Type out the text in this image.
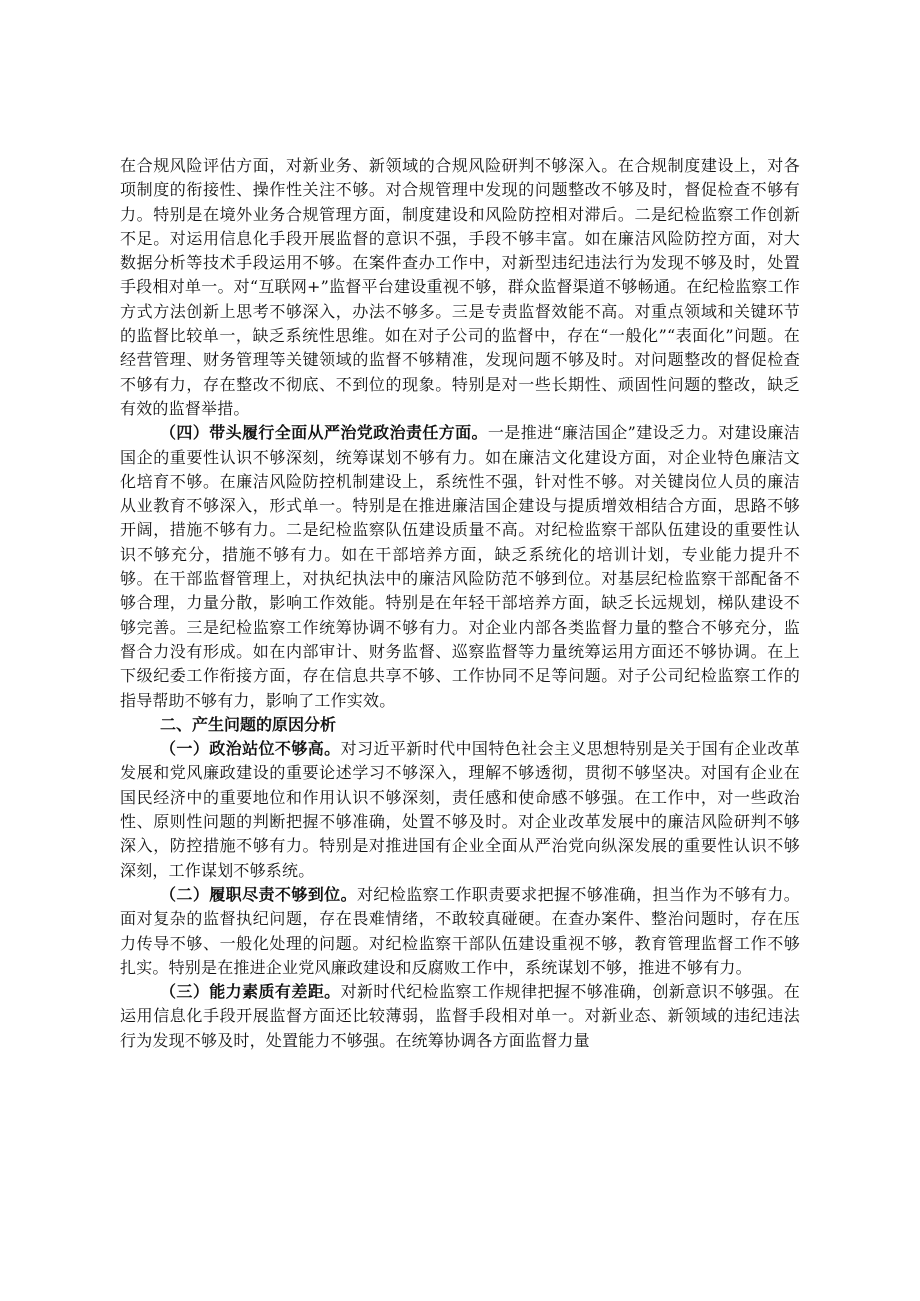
在合规风险评估方面，对新业务、新领域的合规风险研判不够深入。在合规制度建设上，对各项制度的衔接性、操作性关注不够。对合规管理中发现的问题整改不够及时，督促检查不够有力。特别是在境外业务合规管理方面，制度建设和风险防控相对滞后。二是纪检监察工作创新不足。对运用信息化手段开展监督的意识不强，手段不够丰富。如在廉洁风险防控方面，对大数据分析等技术手段运用不够。在案件查办工作中，对新型违纪违法行为发现不够及时，处置手段相对单一。对“互联网+”监督平台建设重视不够，群众监督渠道不够畅通。在纪检监察工作方式方法创新上思考不够深入，办法不够多。三是专责监督效能不高。对重点领域和关键环节的监督比较单一，缺乏系统性思维。如在对子公司的监督中，存在“一般化”“表面化”问题。在经营管理、财务管理等关键领域的监督不够精准，发现问题不够及时。对问题整改的督促检查不够有力，存在整改不彻底、不到位的现象。特别是对一些长期性、顽固性问题的整改，缺乏有效的监督举措。

（四）带头履行全面从严治党政治责任方面。一是推进“廉洁国企”建设乏力。对建设廉洁国企的重要性认识不够深刻，统筹谋划不够有力。如在廉洁文化建设方面，对企业特色廉洁文化培育不够。在廉洁风险防控机制建设上，系统性不强，针对性不够。对关键岗位人员的廉洁从业教育不够深入，形式单一。特别是在推进廉洁国企建设与提质增效相结合方面，思路不够开阔，措施不够有力。二是纪检监察队伍建设质量不高。对纪检监察干部队伍建设的重要性认识不够充分，措施不够有力。如在干部培养方面，缺乏系统化的培训计划，专业能力提升不够。在干部监督管理上，对执纪执法中的廉洁风险防范不够到位。对基层纪检监察干部配备不够合理，力量分散，影响工作效能。特别是在年轻干部培养方面，缺乏长远规划，梯队建设不够完善。三是纪检监察工作统筹协调不够有力。对企业内部各类监督力量的整合不够充分，监督合力没有形成。如在内部审计、财务监督、巡察监督等力量统筹运用方面还不够协调。在上下级纪委工作衔接方面，存在信息共享不够、工作协同不足等问题。对子公司纪检监察工作的指导帮助不够有力，影响了工作实效。

二、产生问题的原因分析

（一）政治站位不够高。对习近平新时代中国特色社会主义思想特别是关于国有企业改革发展和党风廉政建设的重要论述学习不够深入，理解不够透彻，贯彻不够坚决。对国有企业在国民经济中的重要地位和作用认识不够深刻，责任感和使命感不够强。在工作中，对一些政治性、原则性问题的判断把握不够准确，处置不够及时。对企业改革发展中的廉洁风险研判不够深入，防控措施不够有力。特别是对推进国有企业全面从严治党向纵深发展的重要性认识不够深刻，工作谋划不够系统。

（二）履职尽责不够到位。对纪检监察工作职责要求把握不够准确，担当作为不够有力。面对复杂的监督执纪问题，存在畏难情绪，不敢较真碰硬。在查办案件、整治问题时，存在压力传导不够、一般化处理的问题。对纪检监察干部队伍建设重视不够，教育管理监督工作不够扎实。特别是在推进企业党风廉政建设和反腐败工作中，系统谋划不够，推进不够有力。

（三）能力素质有差距。对新时代纪检监察工作规律把握不够准确，创新意识不够强。在运用信息化手段开展监督方面还比较薄弱，监督手段相对单一。对新业态、新领域的违纪违法行为发现不够及时，处置能力不够强。在统筹协调各方面监督力量
